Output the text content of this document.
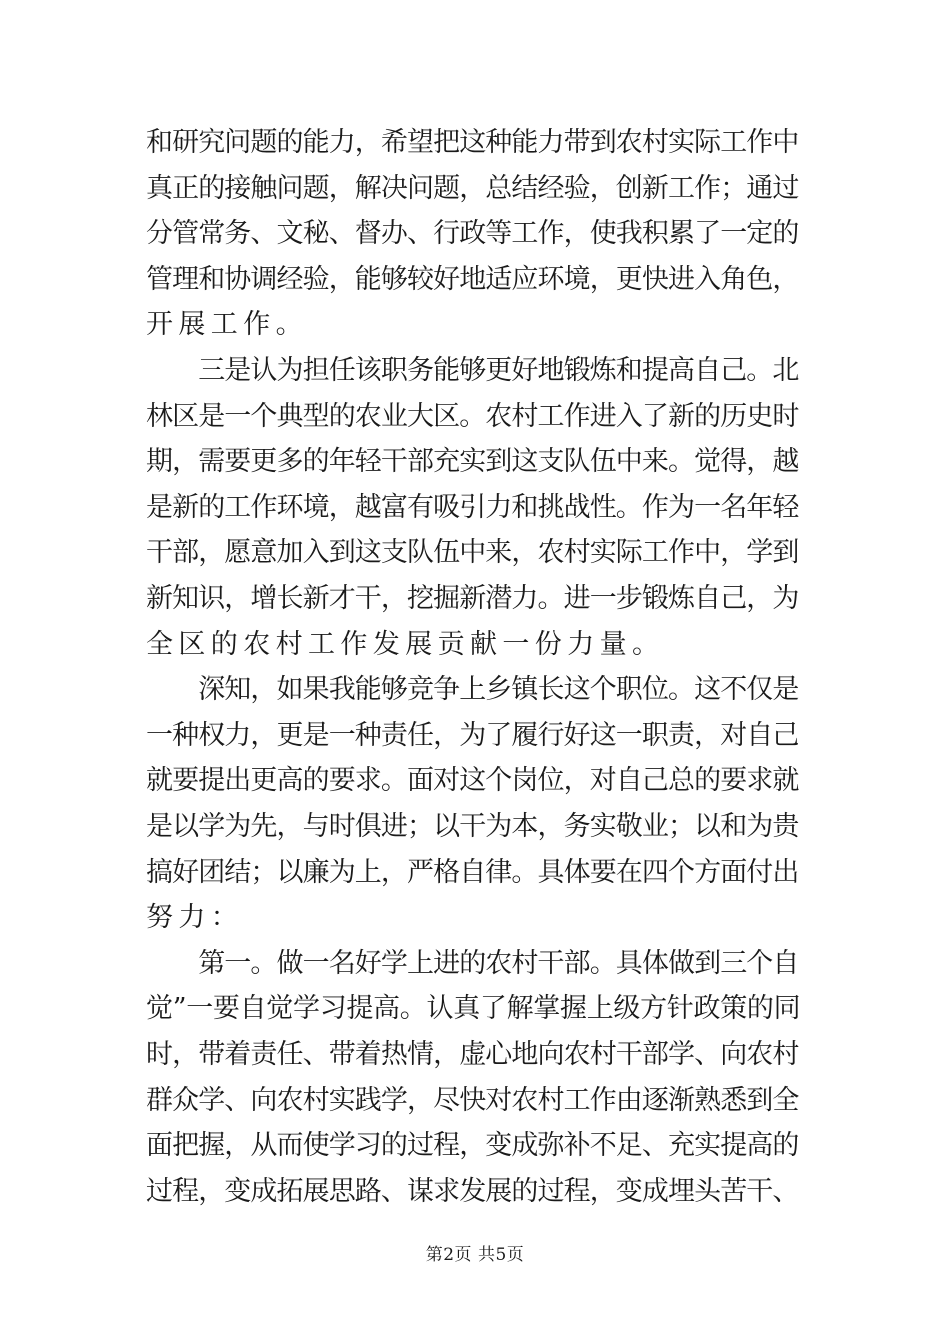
和研究问题的能力，希望把这种能力带到农村实际工作中
真正的接触问题，解决问题，总结经验，创新工作；通过
分管常务、文秘、督办、行政等工作，使我积累了一定的
管理和协调经验，能够较好地适应环境，更快进入角色，
开展工作。
　　三是认为担任该职务能够更好地锻炼和提高自己。北
林区是一个典型的农业大区。农村工作进入了新的历史时
期，需要更多的年轻干部充实到这支队伍中来。觉得，越
是新的工作环境，越富有吸引力和挑战性。作为一名年轻
干部，愿意加入到这支队伍中来，农村实际工作中，学到
新知识，增长新才干，挖掘新潜力。进一步锻炼自己，为
全区的农村工作发展贡献一份力量。
　　深知，如果我能够竞争上乡镇长这个职位。这不仅是
一种权力，更是一种责任，为了履行好这一职责，对自己
就要提出更高的要求。面对这个岗位，对自己总的要求就
是以学为先，与时俱进；以干为本，务实敬业；以和为贵
搞好团结；以廉为上，严格自律。具体要在四个方面付出
努力：
　　第一。做一名好学上进的农村干部。具体做到三个自
觉”一要自觉学习提高。认真了解掌握上级方针政策的同
时，带着责任、带着热情，虚心地向农村干部学、向农村
群众学、向农村实践学，尽快对农村工作由逐渐熟悉到全
面把握，从而使学习的过程，变成弥补不足、充实提高的
过程，变成拓展思路、谋求发展的过程，变成埋头苦干、
第2页 共5页
